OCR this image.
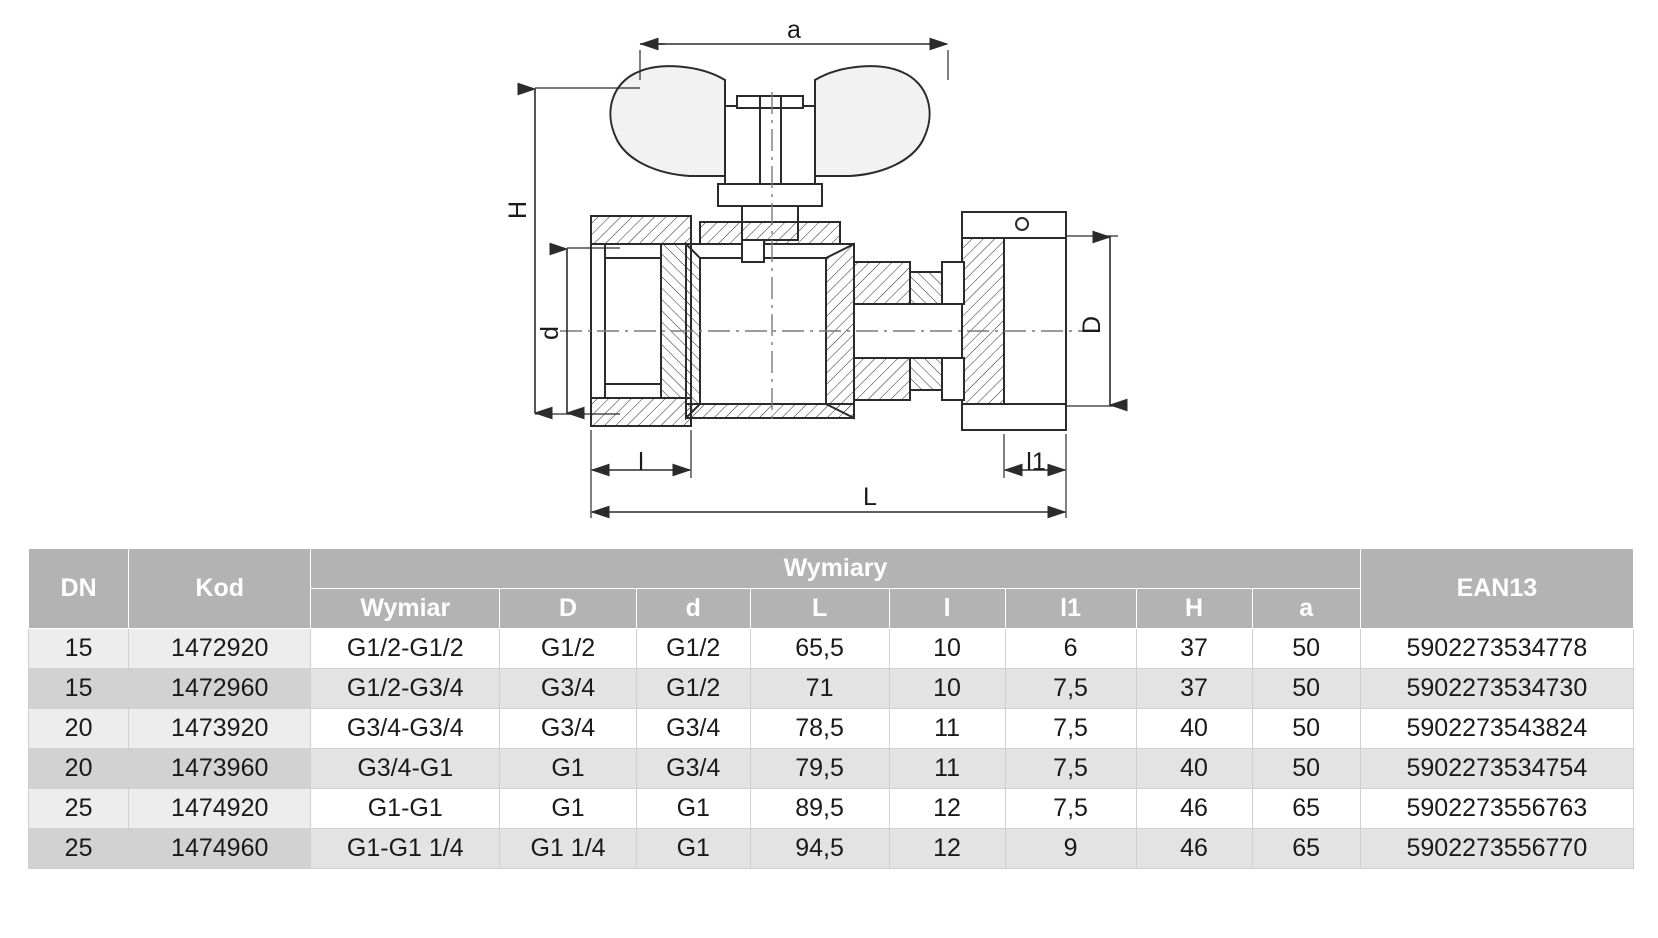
a
H
d	D
l	l1
L
DN	Kod	Wymiary								EAN13
		Wymiar	D	d	L	l	l1	H	a	
15	1472920	G1/2-G1/2	G1/2	G1/2	65,5	10	6	37	50	5902273534778
15	1472960	G1/2-G3/4	G3/4	G1/2	71	10	7,5	37	50	5902273534730
20	1473920	G3/4-G3/4	G3/4	G3/4	78,5	11	7,5	40	50	5902273543824
20	1473960	G3/4-G1	G1	G3/4	79,5	11	7,5	40	50	5902273534754
25	1474920	G1-G1	G1	G1	89,5	12	7,5	46	65	5902273556763
25	1474960	G1-G1 1/4	G1 1/4	G1	94,5	12	9	46	65	5902273556770
